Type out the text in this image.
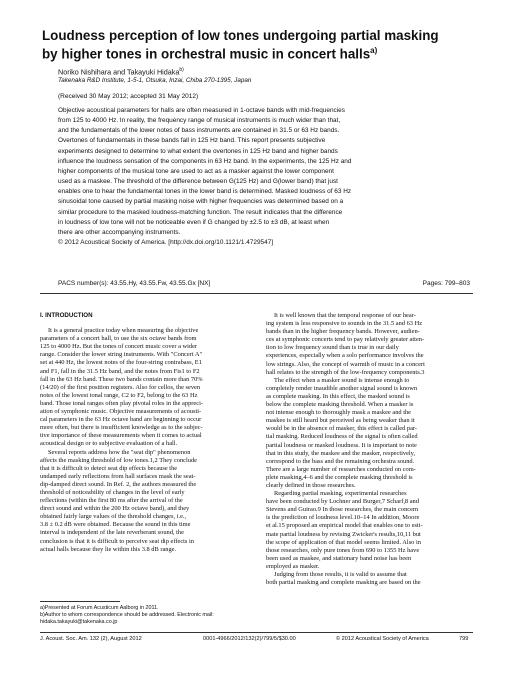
Loudness perception of low tones undergoing partial masking
by higher tones in orchestral music in concert halls$^{a)}$
Noriko Nishihara and Takayuki Hidaka$^{b)}$
Takenaka R&D Institute, 1-5-1, Otsuka, Inzai, Chiba 270-1395, Japan
(Received 30 May 2012; accepted 31 May 2012)
Objective acoustical parameters for halls are often measured in 1-octave bands with mid-frequencies
from 125 to 4000 Hz. In reality, the frequency range of musical instruments is much wider than that,
and the fundamentals of the lower notes of bass instruments are contained in 31.5 or 63 Hz bands.
Overtones of fundamentals in these bands fall in 125 Hz band. This report presents subjective
experiments designed to determine to what extent the overtones in 125 Hz band and higher bands
influence the loudness sensation of the components in 63 Hz band. In the experiments, the 125 Hz and
higher components of the musical tone are used to act as a masker against the lower component
used as a maskee. The threshold of the difference between G(125 Hz) and G(lower band) that just
enables one to hear the fundamental tones in the lower band is determined. Masked loudness of 63 Hz
sinusoidal tone caused by partial masking noise with higher frequencies was determined based on a
similar procedure to the masked loudness-matching function. The result indicates that the difference
in loudness of low tone will not be noticeable even if G changed by ±2.5 to ±3 dB, at least when
there are other accompanying instruments.
© 2012 Acoustical Society of America. [http://dx.doi.org/10.1121/1.4729547]
PACS number(s): 43.55.Hy, 43.55.Fw, 43.55.Gx [NX]	Pages: 799–803
I. INTRODUCTION
It is a general practice today when measuring the objective
parameters of a concert hall, to use the six octave bands from
125 to 4000 Hz. But the tones of concert music cover a wider
range. Consider the lower string instruments. With "Concert A"
set at 440 Hz, the lowest notes of the four-string contrabass, E1
and F1, fall in the 31.5 Hz band, and the notes from Fis1 to F2
fall in the 63 Hz band. These two bands contain more than 70%
(14/20) of the first position registers. Also for cellos, the seven
notes of the lowest tonal range, C2 to F2, belong to the 63 Hz
band. Those tonal ranges often play pivotal roles in the appreci-
ation of symphonic music. Objective measurements of acousti-
cal parameters in the 63 Hz octave band are beginning to occur
more often, but there is insufficient knowledge as to the subjec-
tive importance of these measurements when it comes to actual
acoustical design or to subjective evaluation of a hall.
Several reports address how the "seat dip" phenomenon
affects the masking threshold of low tones.1,2 They conclude
that it is difficult to detect seat dip effects because the
undamped early reflections from hall surfaces mask the seat-
dip-damped direct sound. In Ref. 2, the authors measured the
threshold of noticeability of changes in the level of early
reflections (within the first 80 ms after the arrival of the
direct sound and within the 200 Hz octave band), and they
obtained fairly large values of the threshold changes, i.e.,
3.8 ± 0.2 dB were obtained. Because the sound in this time
interval is independent of the late reverberant sound, the
conclusion is that it is difficult to perceive seat dip effects in
actual halls because they lie within this 3.8 dB range.
It is well known that the temporal response of our hear-
ing system is less responsive to sounds in the 31.5 and 63 Hz
bands than in the higher frequency bands. However, audien-
ces at symphonic concerts tend to pay relatively greater atten-
tion to low frequency sound than is true in our daily
experiences, especially when a solo performance involves the
low strings. Also, the concept of warmth of music in a concert
hall relates to the strength of the low-frequency components.3
The effect when a masker sound is intense enough to
completely render inaudible another signal sound is known
as complete masking. In this effect, the masked sound is
below the complete masking threshold. When a masker is
not intense enough to thoroughly mask a maskee and the
maskee is still heard but perceived as being weaker than it
would be in the absence of masker, this effect is called par-
tial masking. Reduced loudness of the signal is often called
partial loudness or masked loudness. It is important to note
that in this study, the maskee and the masker, respectively,
correspond to the bass and the remaining orchestra sound.
There are a large number of researches conducted on com-
plete masking,4–6 and the complete masking threshold is
clearly defined in those researches.
Regarding partial masking, experimental researches
have been conducted by Lochner and Burger,7 Scharf,8 and
Stevens and Guirao.9 In those researches, the main concern
is the prediction of loudness level.10–14 In addition, Moore
et al.15 proposed an empirical model that enables one to esti-
mate partial loudness by revising Zwicker's results,10,11 but
the scope of application of that model seems limited. Also in
those researches, only pure tones from 690 to 1355 Hz have
been used as maskee, and stationary band noise has been
employed as masker.
Judging from those results, it is valid to assume that
both partial masking and complete masking are based on the
a)Presented at Forum Acusticum Aalborg in 2011.
b)Author to whom correspondence should be addressed. Electronic mail:
hidaka.takayuki@takenaka.co.jp
J. Acoust. Soc. Am. 132 (2), August 2012	0001-4966/2012/132(2)/799/5/$30.00	© 2012 Acoustical Society of America	799
